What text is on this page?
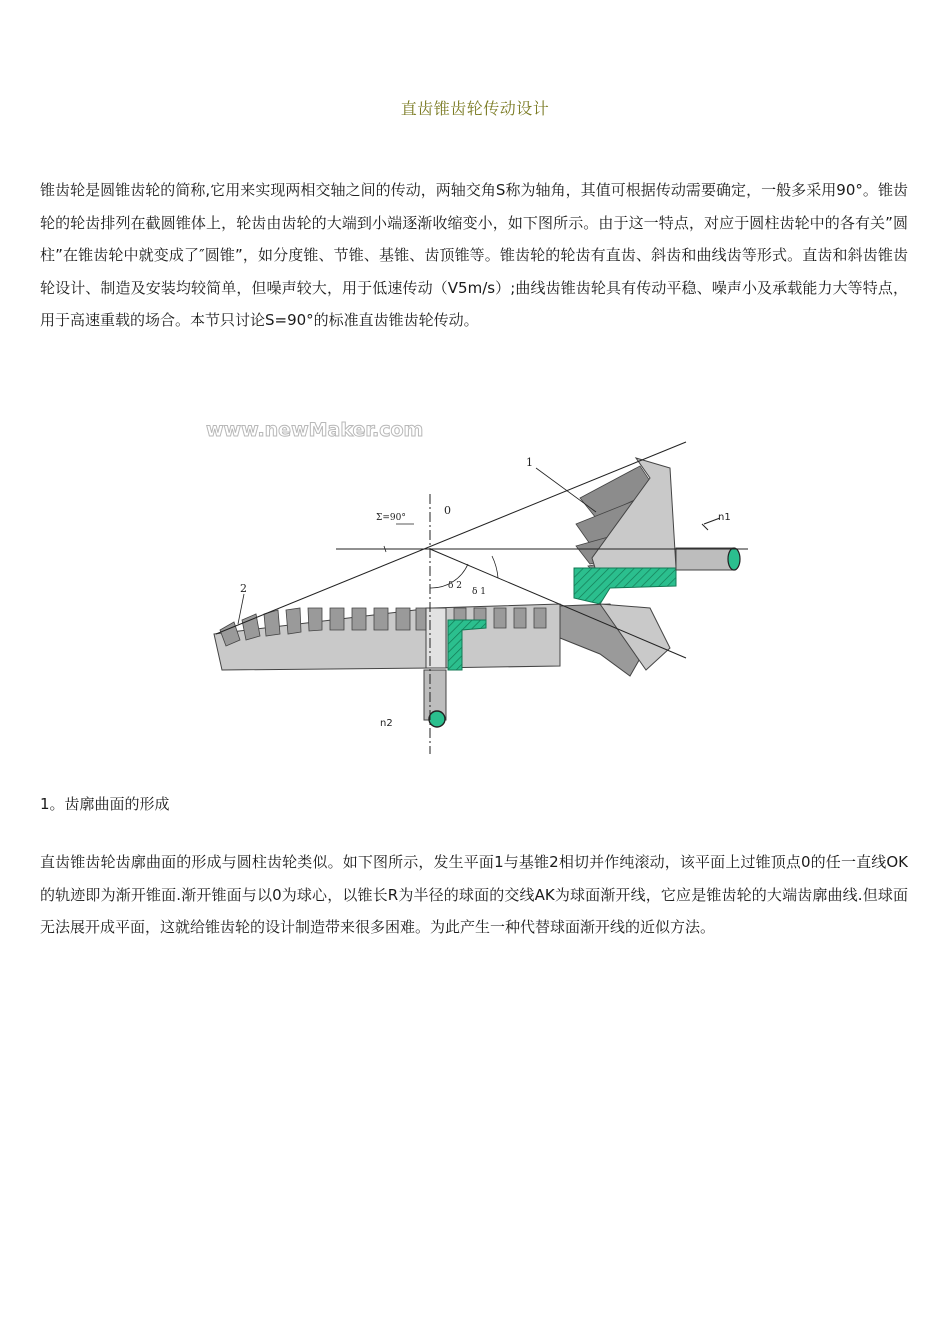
直齿锥齿轮传动设计

锥齿轮是圆锥齿轮的简称,它用来实现两相交轴之间的传动，两轴交角S称为轴角，其值可根据传动需要确定，一般多采用90°。锥齿轮的轮齿排列在截圆锥体上，轮齿由齿轮的大端到小端逐渐收缩变小，如下图所示。由于这一特点，对应于圆柱齿轮中的各有关”圆柱”在锥齿轮中就变成了″圆锥”，如分度锥、节锥、基锥、齿顶锥等。锥齿轮的轮齿有直齿、斜齿和曲线齿等形式。直齿和斜齿锥齿轮设计、制造及安装均较简单，但噪声较大，用于低速传动（V5m/s）;曲线齿锥齿轮具有传动平稳、噪声小及承载能力大等特点，用于高速重载的场合。本节只讨论S=90°的标准直齿锥齿轮传动。

www.newMaker.com
Σ=90°
0
1
2	δ 2
δ 1
n1
n2
1。齿廓曲面的形成

直齿锥齿轮齿廓曲面的形成与圆柱齿轮类似。如下图所示，发生平面1与基锥2相切并作纯滚动，该平面上过锥顶点0的任一直线OK的轨迹即为渐开锥面.渐开锥面与以0为球心，以锥长R为半径的球面的交线AK为球面渐开线，它应是锥齿轮的大端齿廓曲线.但球面无法展开成平面，这就给锥齿轮的设计制造带来很多困难。为此产生一种代替球面渐开线的近似方法。
